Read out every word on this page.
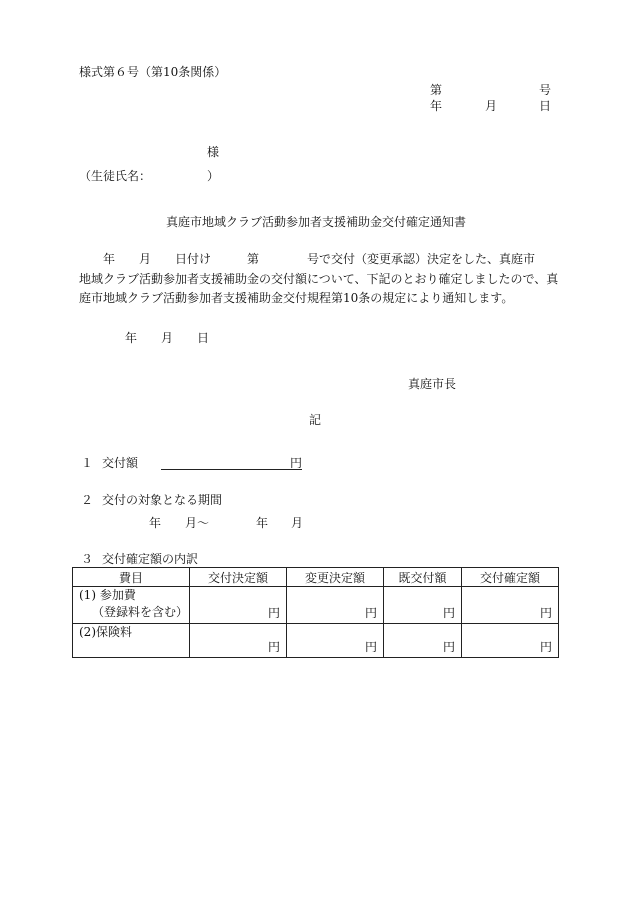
様式第６号（第10条関係）
第	号
年	月	日
様
（生徒氏名：	）
真庭市地域クラブ活動参加者支援補助金交付確定通知書
　　年　　月　　日付け　　　第　　　　号で交付（変更承認）決定をした、真庭市
地域クラブ活動参加者支援補助金の交付額について、下記のとおり確定しましたので、真
庭市地域クラブ活動参加者支援補助金交付規程第10条の規定により通知します。
年 月 日
真庭市長
記
１ 交付額	円
２ 交付の対象となる期間
年 月～	年 月
３ 交付確定額の内訳
費目	交付決定額	変更決定額	既交付額	交付確定額

(1) 参加費
（登録料を含む）	円	円	円	円

(2)保険料	円	円	円	円
